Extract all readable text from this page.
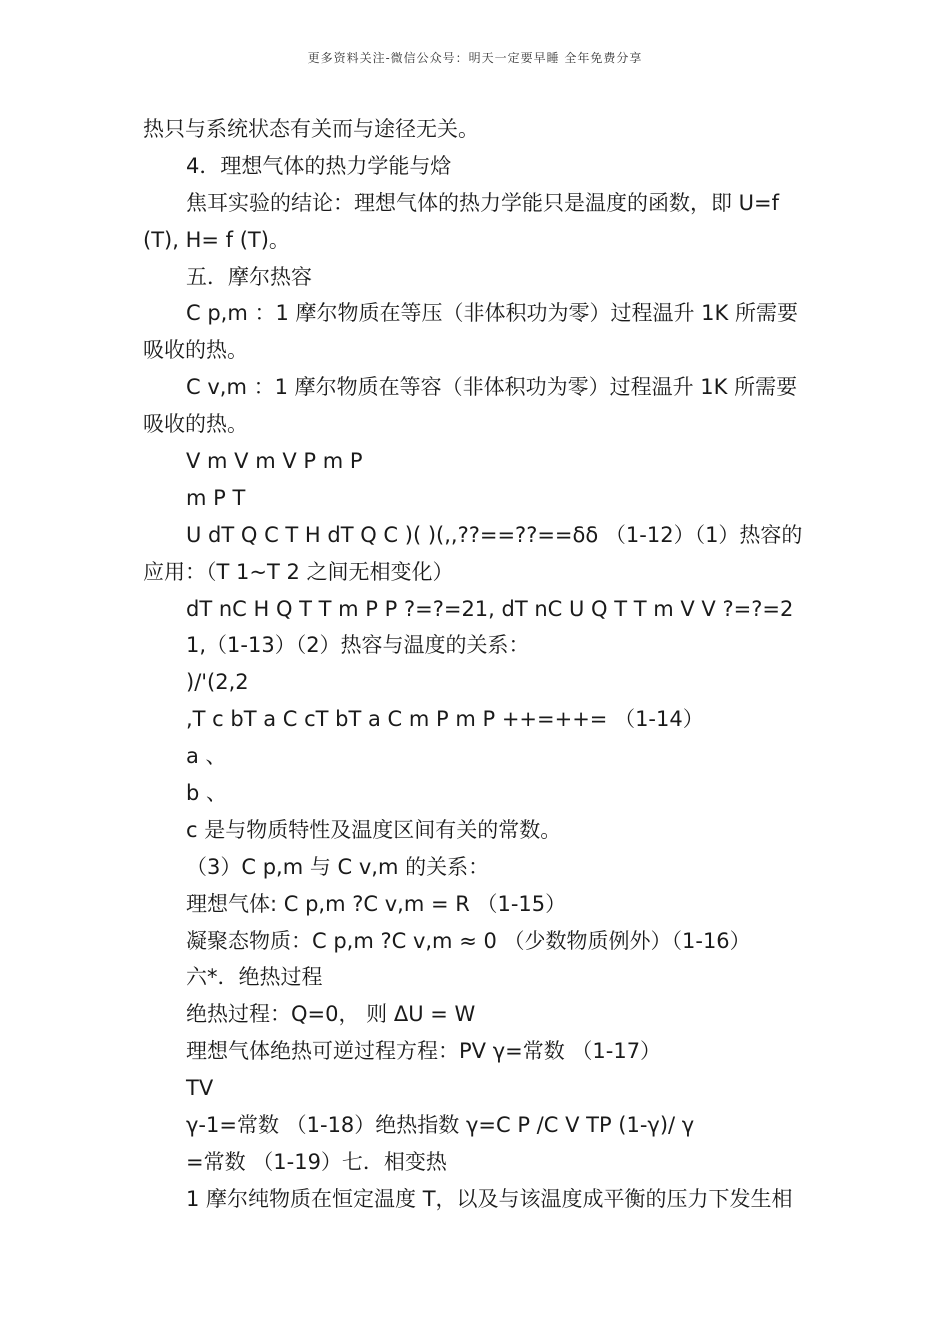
更多资料关注-微信公众号：明天一定要早睡 全年免费分享
热只与系统状态有关而与途径无关。
4．理想气体的热力学能与焓
焦耳实验的结论：理想气体的热力学能只是温度的函数，即 U=f
(T), H= f (T)。
五．摩尔热容
C p,m ：1 摩尔物质在等压（非体积功为零）过程温升 1K 所需要
吸收的热。
C v,m ：1 摩尔物质在等容（非体积功为零）过程温升 1K 所需要
吸收的热。
V m V m V P m P
m P T
U dT Q C T H dT Q C )( )(,,??==??==δδ （1-12）（1）热容的
应用：（T 1~T 2 之间无相变化）
dT nC H Q T T m P P ?=?=21, dT nC U Q T T m V V ?=?=2
1,（1-13）（2）热容与温度的关系：
)/'(2,2
,T c bT a C cT bT a C m P m P ++=++= （1-14）
a 、
b 、
c 是与物质特性及温度区间有关的常数。
（3）C p,m 与 C v,m 的关系：
理想气体: C p,m ?C v,m = R （1-15）
凝聚态物质：C p,m ?C v,m ≈ 0 （少数物质例外）（1-16）
六*．绝热过程
绝热过程：Q=0， 则 ΔU = W
理想气体绝热可逆过程方程：PV γ=常数 （1-17）
TV
γ-1=常数 （1-18）绝热指数 γ=C P /C V TP (1-γ)/ γ
=常数 （1-19）七．相变热
1 摩尔纯物质在恒定温度 T，以及与该温度成平衡的压力下发生相
